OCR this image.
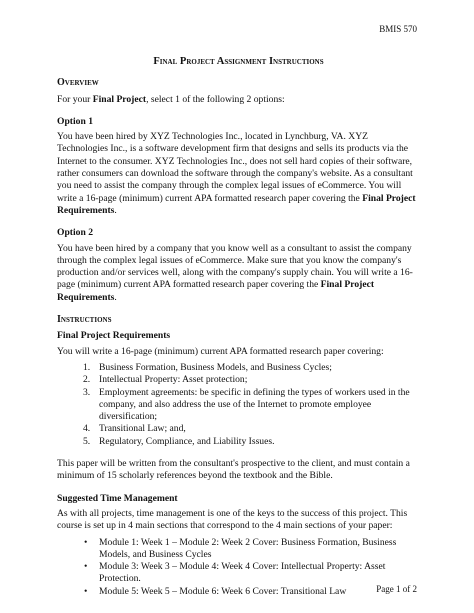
BMIS 570
Final Project Assignment Instructions
Overview

For your Final Project, select 1 of the following 2 options:

Option 1

You have been hired by XYZ Technologies Inc., located in Lynchburg, VA. XYZ Technologies Inc., is a software development firm that designs and sells its products via the Internet to the consumer. XYZ Technologies Inc., does not sell hard copies of their software, rather consumers can download the software through the company's website. As a consultant you need to assist the company through the complex legal issues of eCommerce. You will write a 16-page (minimum) current APA formatted research paper covering the Final Project Requirements.

Option 2

You have been hired by a company that you know well as a consultant to assist the company through the complex legal issues of eCommerce. Make sure that you know the company's production and/or services well, along with the company's supply chain. You will write a 16-page (minimum) current APA formatted research paper covering the Final Project Requirements.

Instructions
Final Project Requirements

You will write a 16-page (minimum) current APA formatted research paper covering:

1. Business Formation, Business Models, and Business Cycles;
2. Intellectual Property: Asset protection;
3. Employment agreements: be specific in defining the types of workers used in the company, and also address the use of the Internet to promote employee diversification;
4. Transitional Law; and,
5. Regulatory, Compliance, and Liability Issues.

This paper will be written from the consultant's prospective to the client, and must contain a minimum of 15 scholarly references beyond the textbook and the Bible.

Suggested Time Management

As with all projects, time management is one of the keys to the success of this project. This course is set up in 4 main sections that correspond to the 4 main sections of your paper:

• Module 1: Week 1 – Module 2: Week 2 Cover: Business Formation, Business Models, and Business Cycles
• Module 3: Week 3 – Module 4: Week 4 Cover: Intellectual Property: Asset Protection.
• Module 5: Week 5 – Module 6: Week 6 Cover: Transitional Law	Page 1 of 2
